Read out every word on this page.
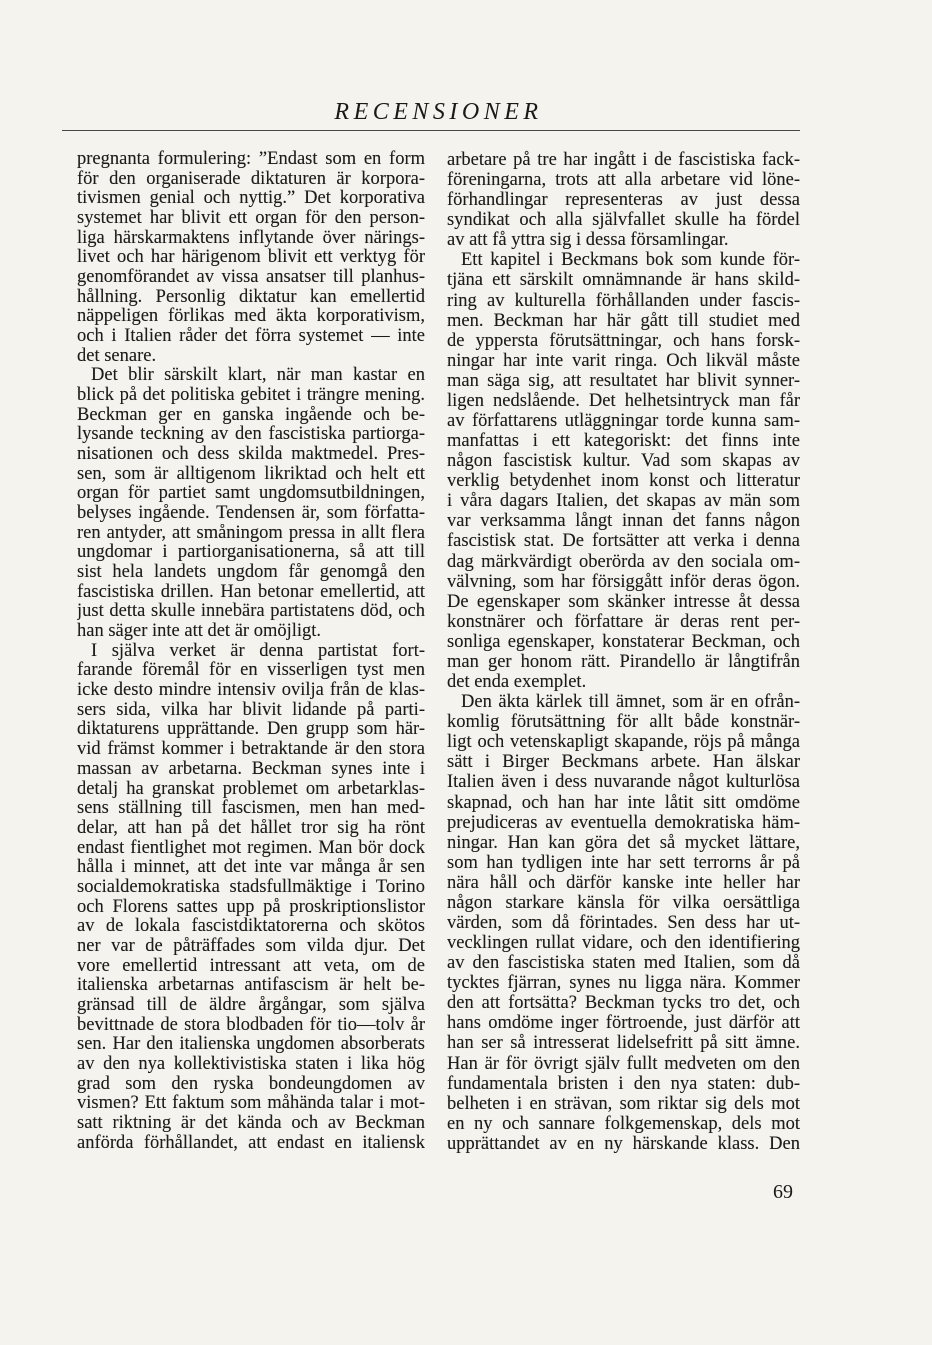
RECENSIONER
pregnanta formulering: ”Endast som en form
för den organiserade diktaturen är korpora-
tivismen genial och nyttig.” Det korporativa
systemet har blivit ett organ för den person-
liga härskarmaktens inflytande över närings-
livet och har härigenom blivit ett verktyg för
genomförandet av vissa ansatser till planhus-
hållning. Personlig diktatur kan emellertid
näppeligen förlikas med äkta korporativism,
och i Italien råder det förra systemet — inte
det senare.
Det blir särskilt klart, när man kastar en
blick på det politiska gebitet i trängre mening.
Beckman ger en ganska ingående och be-
lysande teckning av den fascistiska partiorga-
nisationen och dess skilda maktmedel. Pres-
sen, som är alltigenom likriktad och helt ett
organ för partiet samt ungdomsutbildningen,
belyses ingående. Tendensen är, som författa-
ren antyder, att småningom pressa in allt flera
ungdomar i partiorganisationerna, så att till
sist hela landets ungdom får genomgå den
fascistiska drillen. Han betonar emellertid, att
just detta skulle innebära partistatens död, och
han säger inte att det är omöjligt.
I själva verket är denna partistat fort-
farande föremål för en visserligen tyst men
icke desto mindre intensiv ovilja från de klas-
sers sida, vilka har blivit lidande på parti-
diktaturens upprättande. Den grupp som här-
vid främst kommer i betraktande är den stora
massan av arbetarna. Beckman synes inte i
detalj ha granskat problemet om arbetarklas-
sens ställning till fascismen, men han med-
delar, att han på det hållet tror sig ha rönt
endast fientlighet mot regimen. Man bör dock
hålla i minnet, att det inte var många år sen
socialdemokratiska stadsfullmäktige i Torino
och Florens sattes upp på proskriptionslistor
av de lokala fascistdiktatorerna och skötos
ner var de påträffades som vilda djur. Det
vore emellertid intressant att veta, om de
italienska arbetarnas antifascism är helt be-
gränsad till de äldre årgångar, som själva
bevittnade de stora blodbaden för tio—tolv år
sen. Har den italienska ungdomen absorberats
av den nya kollektivistiska staten i lika hög
grad som den ryska bondeungdomen av
vismen? Ett faktum som måhända talar i mot-
satt riktning är det kända och av Beckman
anförda förhållandet, att endast en italiensk
arbetare på tre har ingått i de fascistiska fack-
föreningarna, trots att alla arbetare vid löne-
förhandlingar representeras av just dessa
syndikat och alla självfallet skulle ha fördel
av att få yttra sig i dessa församlingar.
Ett kapitel i Beckmans bok som kunde för-
tjäna ett särskilt omnämnande är hans skild-
ring av kulturella förhållanden under fascis-
men. Beckman har här gått till studiet med
de yppersta förutsättningar, och hans forsk-
ningar har inte varit ringa. Och likväl måste
man säga sig, att resultatet har blivit synner-
ligen nedslående. Det helhetsintryck man får
av författarens utläggningar torde kunna sam-
manfattas i ett kategoriskt: det finns inte
någon fascistisk kultur. Vad som skapas av
verklig betydenhet inom konst och litteratur
i våra dagars Italien, det skapas av män som
var verksamma långt innan det fanns någon
fascistisk stat. De fortsätter att verka i denna
dag märkvärdigt oberörda av den sociala om-
välvning, som har försiggått inför deras ögon.
De egenskaper som skänker intresse åt dessa
konstnärer och författare är deras rent per-
sonliga egenskaper, konstaterar Beckman, och
man ger honom rätt. Pirandello är långtifrån
det enda exemplet.
Den äkta kärlek till ämnet, som är en ofrån-
komlig förutsättning för allt både konstnär-
ligt och vetenskapligt skapande, röjs på många
sätt i Birger Beckmans arbete. Han älskar
Italien även i dess nuvarande något kulturlösa
skapnad, och han har inte låtit sitt omdöme
prejudiceras av eventuella demokratiska häm-
ningar. Han kan göra det så mycket lättare,
som han tydligen inte har sett terrorns år på
nära håll och därför kanske inte heller har
någon starkare känsla för vilka oersättliga
värden, som då förintades. Sen dess har ut-
vecklingen rullat vidare, och den identifiering
av den fascistiska staten med Italien, som då
tycktes fjärran, synes nu ligga nära. Kommer
den att fortsätta? Beckman tycks tro det, och
hans omdöme inger förtroende, just därför att
han ser så intresserat lidelsefritt på sitt ämne.
Han är för övrigt själv fullt medveten om den
fundamentala bristen i den nya staten: dub-
belheten i en strävan, som riktar sig dels mot
en ny och sannare folkgemenskap, dels mot
upprättandet av en ny härskande klass. Den
69
